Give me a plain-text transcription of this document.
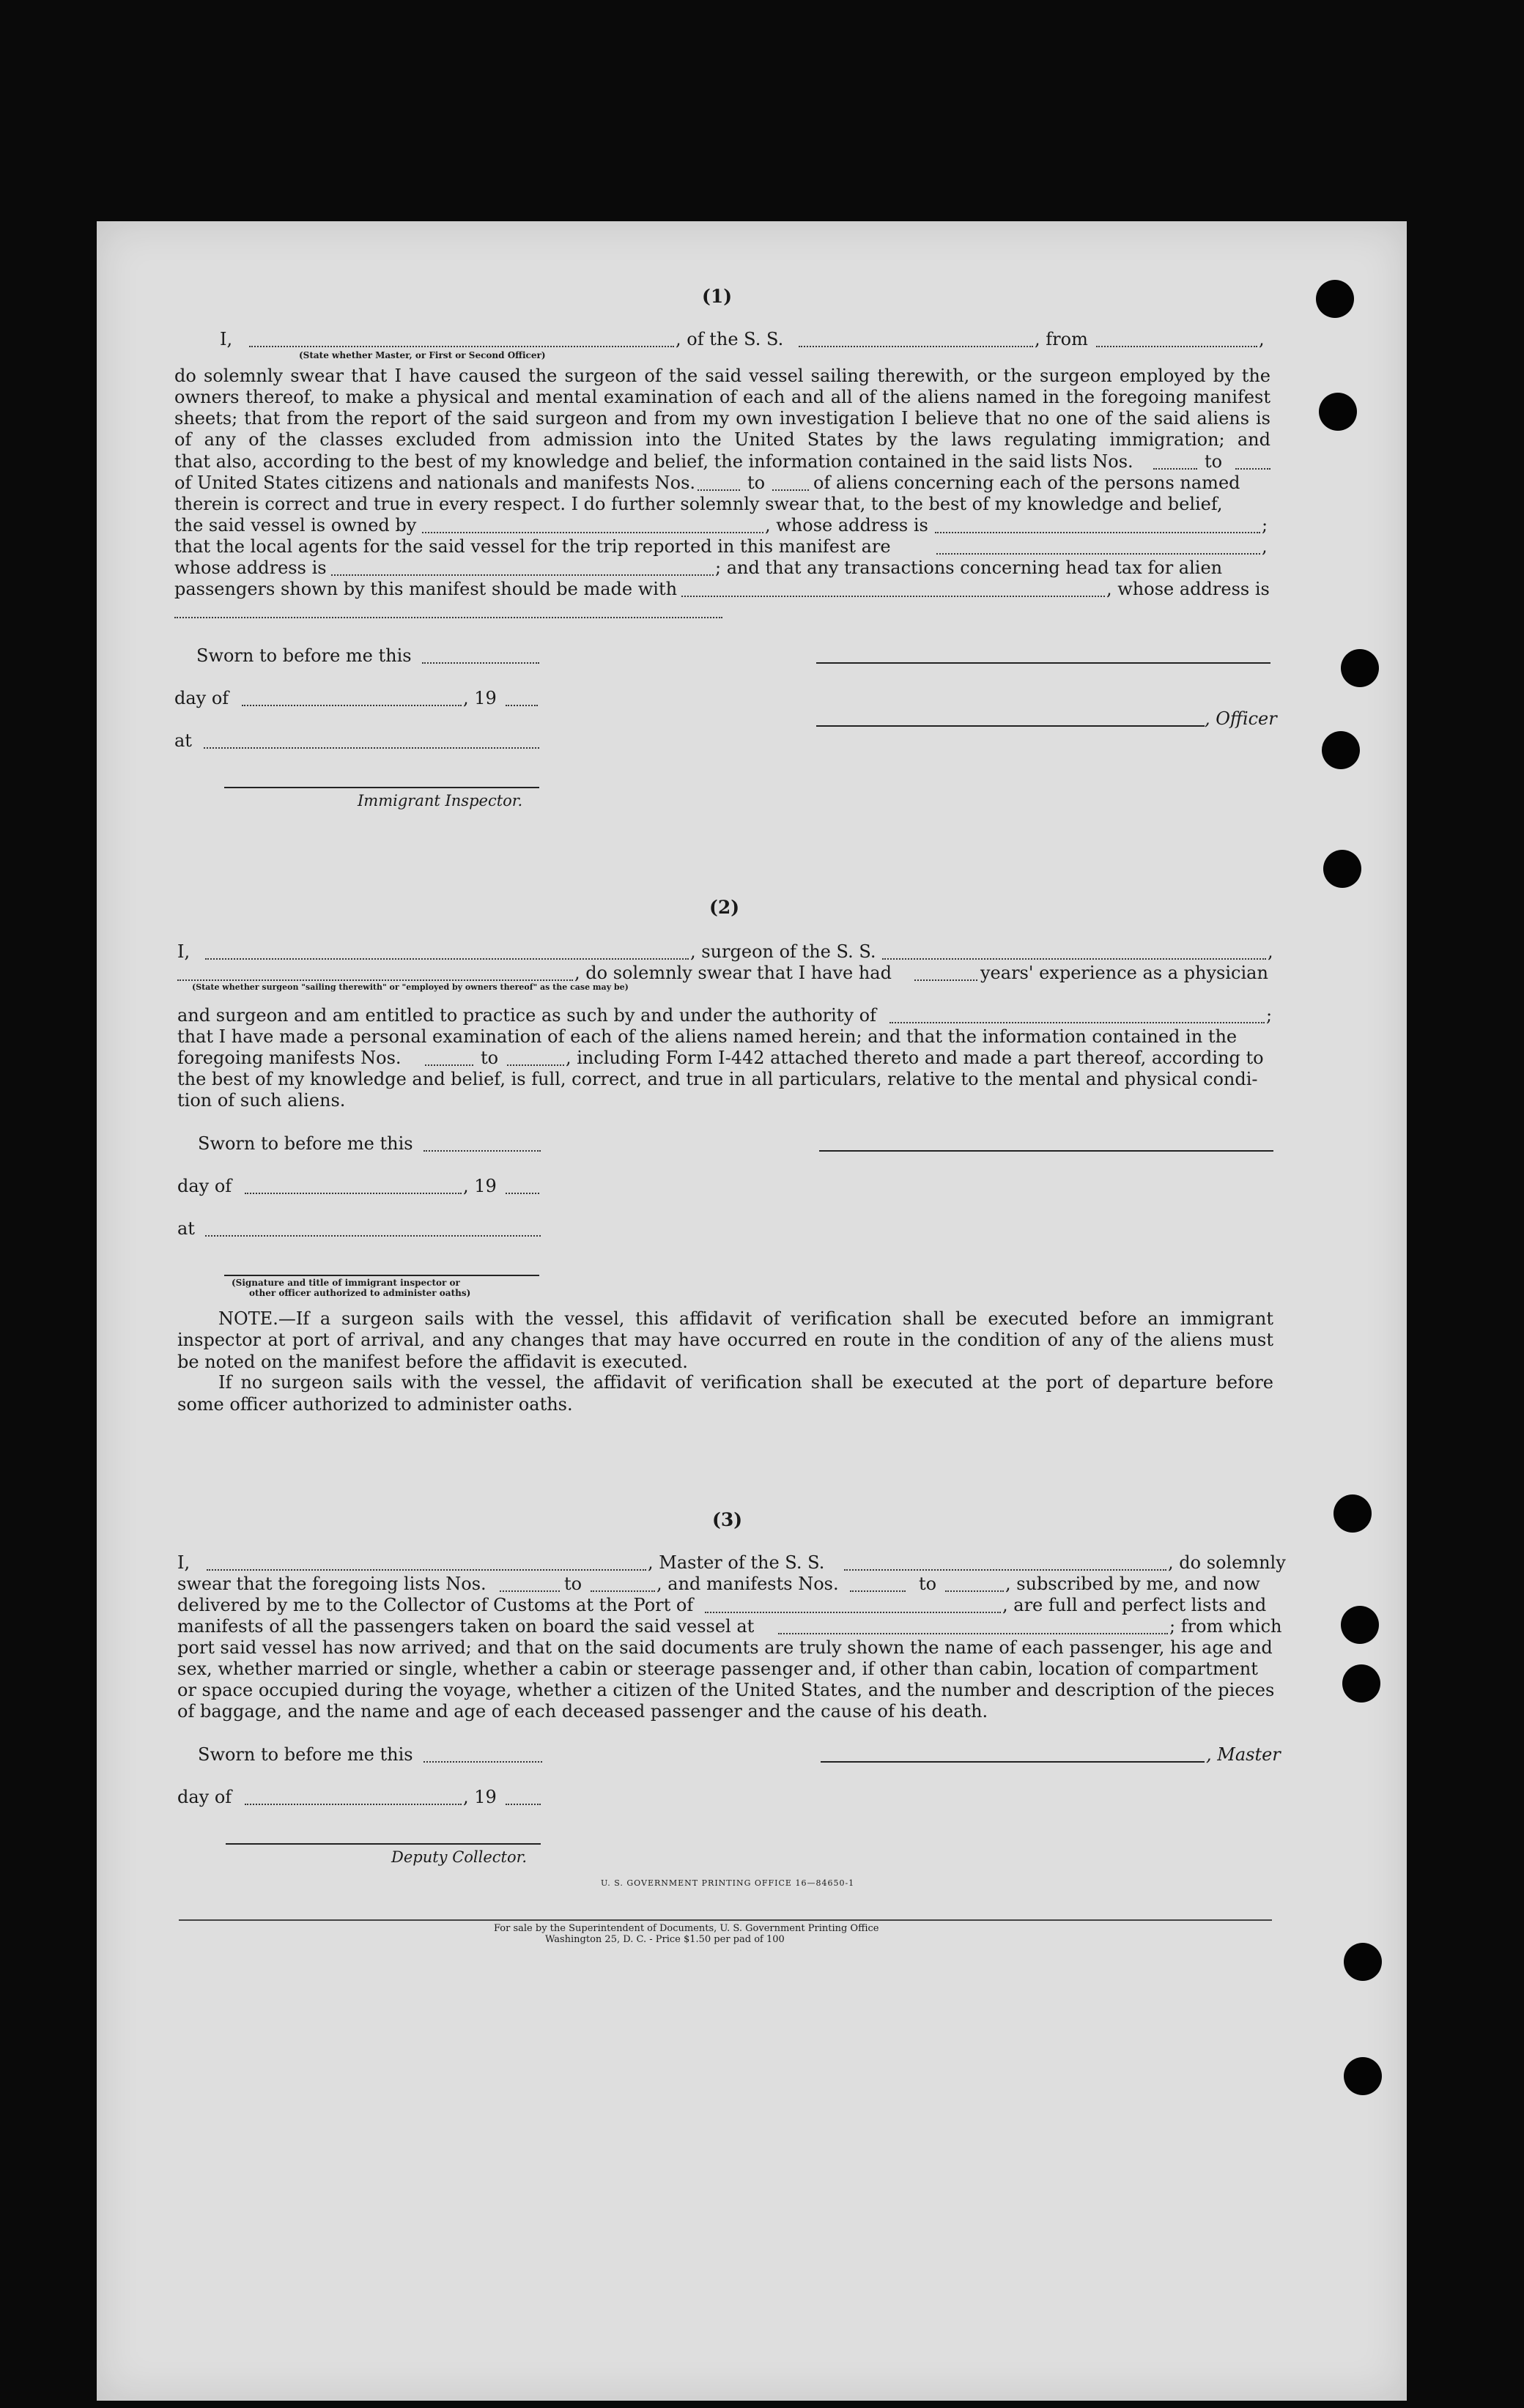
(1)
I,	, of the S. S.	, from	,
(State whether Master, or First or Second Officer)
do solemnly swear that I have caused the surgeon of the said vessel sailing therewith, or the surgeon employed by the owners thereof, to make a physical and mental examination of each and all of the aliens named in the foregoing manifest sheets; that from the report of the said surgeon and from my own investigation I believe that no one of the said aliens is of any of the classes excluded from admission into the United States by the laws regulating immigration; and
that also, according to the best of my knowledge and belief, the information contained in the said lists Nos.	to
of United States citizens and nationals and manifests Nos.	to	of aliens concerning each of the persons named
therein is correct and true in every respect. I do further solemnly swear that, to the best of my knowledge and belief,
the said vessel is owned by	, whose address is	;
that the local agents for the said vessel for the trip reported in this manifest are	,
whose address is	; and that any transactions concerning head tax for alien
passengers shown by this manifest should be made with	, whose address is
Sworn to before me this
day of	, 19
, Officer
at
Immigrant Inspector.
(2)
I,	, surgeon of the S. S.	,
, do solemnly swear that I have had	years' experience as a physician
(State whether surgeon "sailing therewith" or "employed by owners thereof" as the case may be)
and surgeon and am entitled to practice as such by and under the authority of	;
that I have made a personal examination of each of the aliens named herein; and that the information contained in the
foregoing manifests Nos.	to	, including Form I-442 attached thereto and made a part thereof, according to
the best of my knowledge and belief, is full, correct, and true in all particulars, relative to the mental and physical condi-
tion of such aliens.
Sworn to before me this
day of	, 19
at
(Signature and title of immigrant inspector or
other officer authorized to administer oaths)
NOTE.—If a surgeon sails with the vessel, this affidavit of verification shall be executed before an immigrant inspector at port of arrival, and any changes that may have occurred en route in the condition of any of the aliens must
be noted on the manifest before the affidavit is executed.
If no surgeon sails with the vessel, the affidavit of verification shall be executed at the port of departure before
some officer authorized to administer oaths.
(3)
I,	, Master of the S. S.	, do solemnly
swear that the foregoing lists Nos.	to	, and manifests Nos.	to	, subscribed by me, and now
delivered by me to the Collector of Customs at the Port of	, are full and perfect lists and
manifests of all the passengers taken on board the said vessel at	; from which
port said vessel has now arrived; and that on the said documents are truly shown the name of each passenger, his age and
sex, whether married or single, whether a cabin or steerage passenger and, if other than cabin, location of compartment
or space occupied during the voyage, whether a citizen of the United States, and the number and description of the pieces
of baggage, and the name and age of each deceased passenger and the cause of his death.
Sworn to before me this	, Master
day of	, 19
Deputy Collector.
U. S. GOVERNMENT PRINTING OFFICE 16—84650-1
For sale by the Superintendent of Documents, U. S. Government Printing Office
Washington 25, D. C. - Price $1.50 per pad of 100
